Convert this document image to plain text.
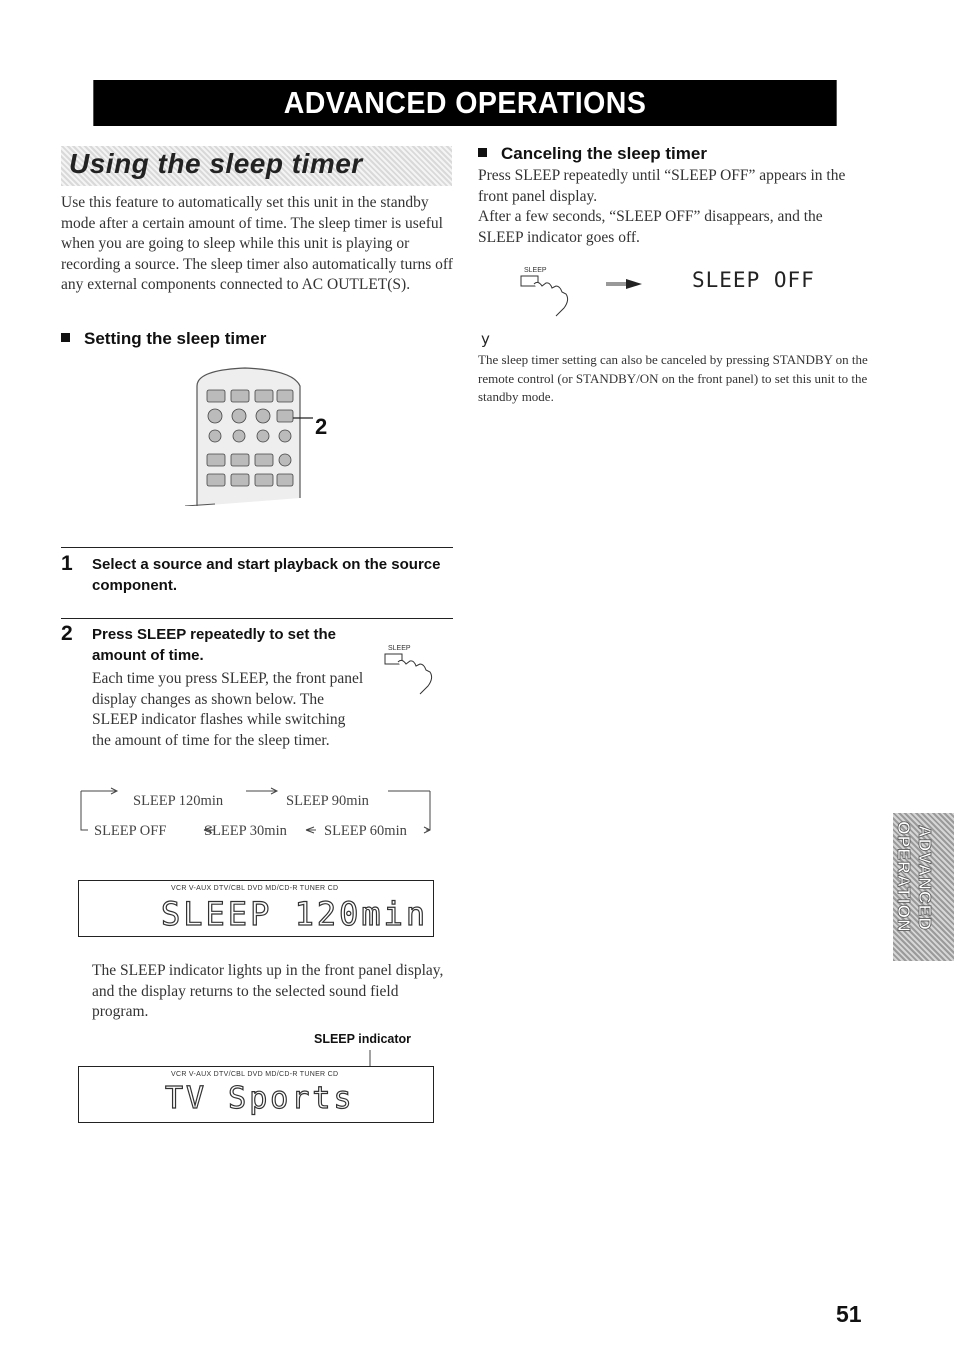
ADVANCED OPERATIONS
Using the sleep timer

Use this feature to automatically set this unit in the standby mode after a certain amount of time. The sleep timer is useful when you are going to sleep while this unit is playing or recording a source. The sleep timer also automatically turns off any external components connected to AC OUTLET(S).

Setting the sleep timer
2
1 Select a source and start playback on the source component.
2 Press SLEEP repeatedly to set the amount of time.	SLEEP

Each time you press SLEEP, the front panel display changes as shown below. The SLEEP indicator flashes while switching the amount of time for the sleep timer.

SLEEP 120min	SLEEP 90min
SLEEP OFF	SLEEP 30min	SLEEP 60min
VCR V-AUX DTV/CBL DVD MD/CD-R TUNER CD
SLEEP 120min

The SLEEP indicator lights up in the front panel display, and the display returns to the selected sound field program.

SLEEP indicator
VCR V-AUX DTV/CBL DVD MD/CD-R TUNER CD
TV Sports
Canceling the sleep timer

Press SLEEP repeatedly until “SLEEP OFF” appears in the front panel display.

After a few seconds, “SLEEP OFF” disappears, and the SLEEP indicator goes off.

SLEEP	SLEEP OFF
y

The sleep timer setting can also be canceled by pressing STANDBY on the remote control (or STANDBY/ON on the front panel) to set this unit to the standby mode.

ADVANCED
OPERATION
51
